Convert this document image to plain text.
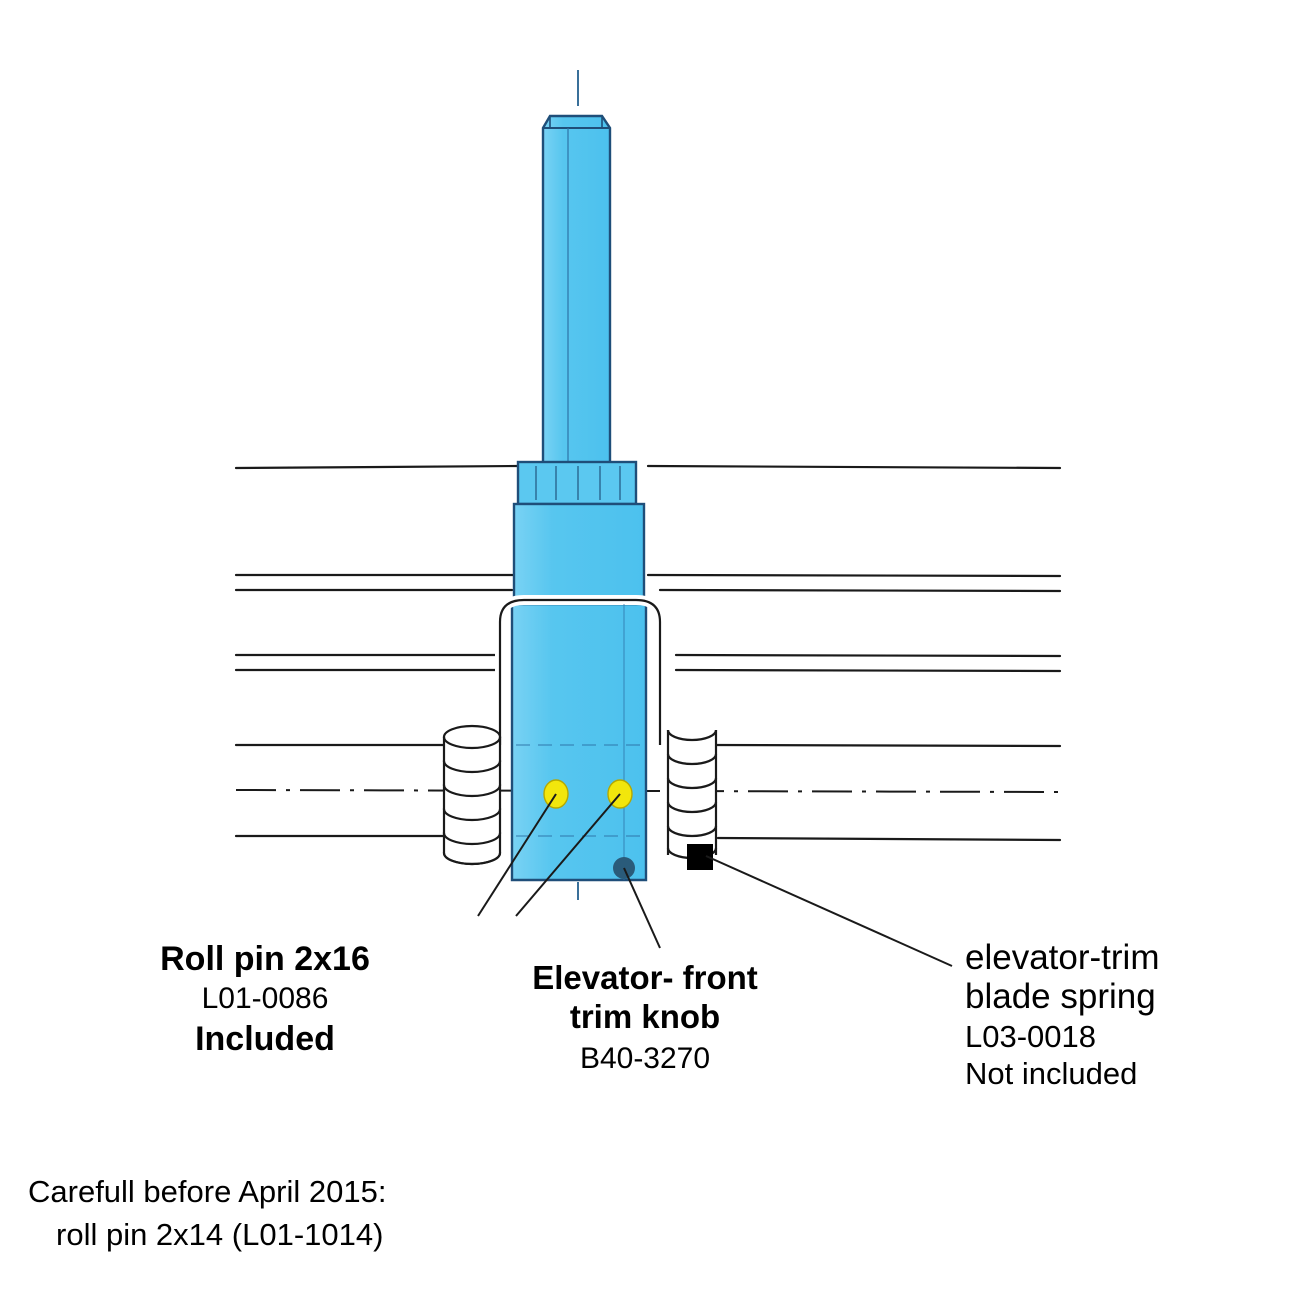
Roll pin 2x16
L01-0086
Included
Elevator- front
trim knob
B40-3270
elevator-trim
blade spring
L03-0018
Not included
Carefull before April 2015:
roll pin 2x14 (L01-1014)
